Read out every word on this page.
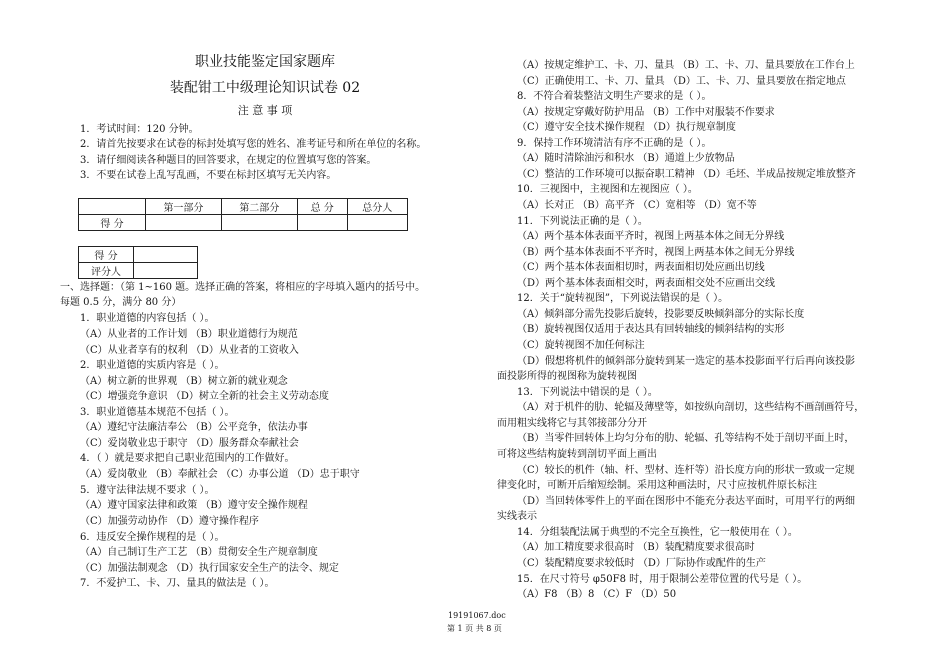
职业技能鉴定国家题库
装配钳工中级理论知识试卷 02
注 意 事 项
1．考试时间：120 分钟。
2．请首先按要求在试卷的标封处填写您的姓名、准考证号和所在单位的名称。
3．请仔细阅读各种题目的回答要求，在规定的位置填写您的答案。
3．不要在试卷上乱写乱画，不要在标封区填写无关内容。
	第一部分	第二部分	总 分	总分人
得 分				
得 分	
评分人	
一、选择题：（第 1~160 题。选择正确的答案，将相应的字母填入题内的括号中。
每题 0.5 分，满分 80 分）
1．职业道德的内容包括（ ）。
（A）从业者的工作计划 （B）职业道德行为规范
（C）从业者享有的权利 （D）从业者的工资收入
2．职业道德的实质内容是（ ）。
（A）树立新的世界观 （B）树立新的就业观念
（C）增强竞争意识 （D）树立全新的社会主义劳动态度
3．职业道德基本规范不包括（ ）。
（A）遵纪守法廉洁奉公 （B）公平竞争，依法办事
（C）爱岗敬业忠于职守 （D）服务群众奉献社会
4．（ ）就是要求把自己职业范围内的工作做好。
（A）爱岗敬业 （B）奉献社会 （C）办事公道 （D）忠于职守
5．遵守法律法规不要求（ ）。
（A）遵守国家法律和政策 （B）遵守安全操作规程
（C）加强劳动协作 （D）遵守操作程序
6．违反安全操作规程的是（ ）。
（A）自己制订生产工艺 （B）贯彻安全生产规章制度
（C）加强法制观念 （D）执行国家安全生产的法令、规定
7．不爱护工、卡、刀、量具的做法是（ ）。
（A）按规定维护工、卡、刀、量具 （B）工、卡、刀、量具要放在工作台上
（C）正确使用工、卡、刀、量具 （D）工、卡、刀、量具要放在指定地点
8．不符合着装整洁文明生产要求的是（ ）。
（A）按规定穿戴好防护用品 （B）工作中对服装不作要求
（C）遵守安全技术操作规程 （D）执行规章制度
9．保持工作环境清洁有序不正确的是（ ）。
（A）随时清除油污和积水 （B）通道上少放物品
（C）整洁的工作环境可以振奋职工精神 （D）毛坯、半成品按规定堆放整齐
10．三视图中，主视图和左视图应（ ）。
（A）长对正 （B）高平齐 （C）宽相等 （D）宽不等
11．下列说法正确的是（ ）。
（A）两个基本体表面平齐时，视图上两基本体之间无分界线
（B）两个基本体表面不平齐时，视图上两基本体之间无分界线
（C）两个基本体表面相切时，两表面相切处应画出切线
（D）两个基本体表面相交时，两表面相交处不应画出交线
12．关于“旋转视图”，下列说法错误的是（ ）。
（A）倾斜部分需先投影后旋转，投影要反映倾斜部分的实际长度
（B）旋转视图仅适用于表达具有回转轴线的倾斜结构的实形
（C）旋转视图不加任何标注
（D）假想将机件的倾斜部分旋转到某一选定的基本投影面平行后再向该投影
面投影所得的视图称为旋转视图
13．下列说法中错误的是（ ）。
（A）对于机件的肋、轮辐及薄壁等，如按纵向剖切，这些结构不画剖画符号，
而用粗实线将它与其邻接部分分开
（B）当零件回转体上均匀分布的肋、轮辐、孔等结构不处于剖切平面上时，
可将这些结构旋转到剖切平面上画出
（C）较长的机件（轴、杆、型材、连杆等）沿长度方向的形状一致或一定规
律变化时，可断开后缩短绘制。采用这种画法时，尺寸应按机件原长标注
（D）当回转体零件上的平面在图形中不能充分表达平面时，可用平行的两细
实线表示
14．分组装配法属于典型的不完全互换性，它一般使用在（ ）。
（A）加工精度要求很高时 （B）装配精度要求很高时
（C）装配精度要求较低时 （D）厂际协作或配件的生产
15．在尺寸符号 φ50F8 时，用于限制公差带位置的代号是（ ）。
（A）F8 （B）8 （C）F （D）50
19191067.doc
第 1 页 共 8 页
